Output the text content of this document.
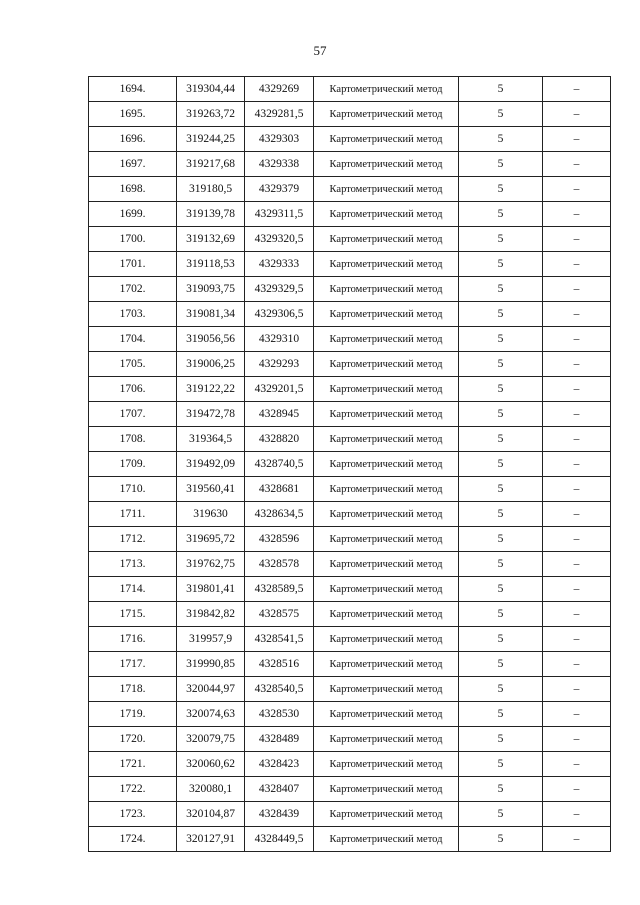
57
1694.	319304,44	4329269	Картометрический метод	5	–
1695.	319263,72	4329281,5	Картометрический метод	5	–
1696.	319244,25	4329303	Картометрический метод	5	–
1697.	319217,68	4329338	Картометрический метод	5	–
1698.	319180,5	4329379	Картометрический метод	5	–
1699.	319139,78	4329311,5	Картометрический метод	5	–
1700.	319132,69	4329320,5	Картометрический метод	5	–
1701.	319118,53	4329333	Картометрический метод	5	–
1702.	319093,75	4329329,5	Картометрический метод	5	–
1703.	319081,34	4329306,5	Картометрический метод	5	–
1704.	319056,56	4329310	Картометрический метод	5	–
1705.	319006,25	4329293	Картометрический метод	5	–
1706.	319122,22	4329201,5	Картометрический метод	5	–
1707.	319472,78	4328945	Картометрический метод	5	–
1708.	319364,5	4328820	Картометрический метод	5	–
1709.	319492,09	4328740,5	Картометрический метод	5	–
1710.	319560,41	4328681	Картометрический метод	5	–
1711.	319630	4328634,5	Картометрический метод	5	–
1712.	319695,72	4328596	Картометрический метод	5	–
1713.	319762,75	4328578	Картометрический метод	5	–
1714.	319801,41	4328589,5	Картометрический метод	5	–
1715.	319842,82	4328575	Картометрический метод	5	–
1716.	319957,9	4328541,5	Картометрический метод	5	–
1717.	319990,85	4328516	Картометрический метод	5	–
1718.	320044,97	4328540,5	Картометрический метод	5	–
1719.	320074,63	4328530	Картометрический метод	5	–
1720.	320079,75	4328489	Картометрический метод	5	–
1721.	320060,62	4328423	Картометрический метод	5	–
1722.	320080,1	4328407	Картометрический метод	5	–
1723.	320104,87	4328439	Картометрический метод	5	–
1724.	320127,91	4328449,5	Картометрический метод	5	–
